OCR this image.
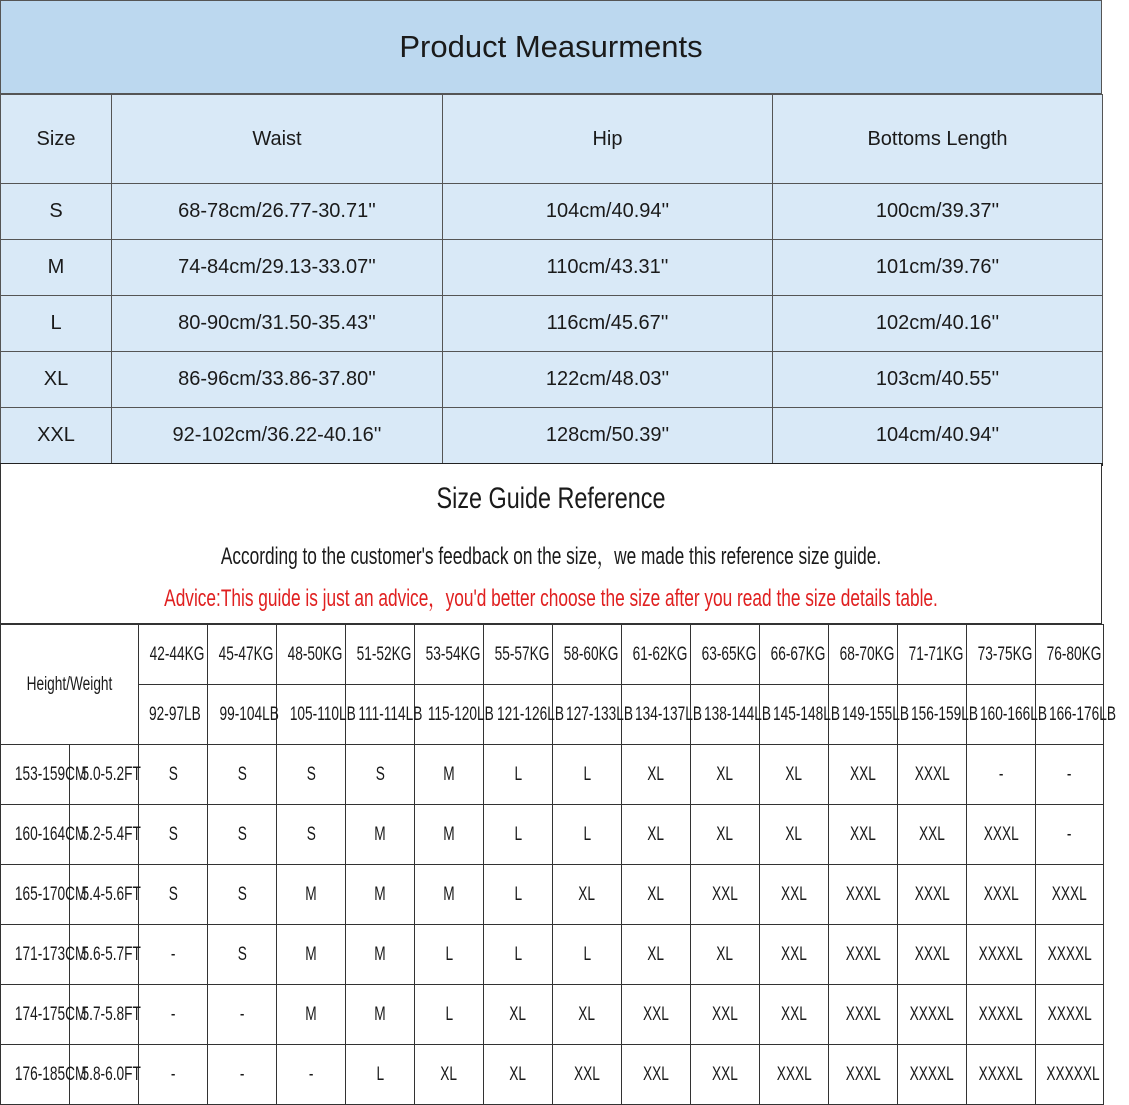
Product Measurments
Size	Waist	Hip	Bottoms Length
S	68-78cm/26.77-30.71''	104cm/40.94''	100cm/39.37''
M	74-84cm/29.13-33.07''	110cm/43.31''	101cm/39.76''
L	80-90cm/31.50-35.43''	116cm/45.67''	102cm/40.16''
XL	86-96cm/33.86-37.80''	122cm/48.03''	103cm/40.55''
XXL	92-102cm/36.22-40.16''	128cm/50.39''	104cm/40.94''
Size Guide Reference
According to the customer's feedback on the size，we made this reference size guide.
Advice:This guide is just an advice，you'd better choose the size after you read the size details table.
Height/Weight		42-44KG	45-47KG	48-50KG	51-52KG	53-54KG	55-57KG	58-60KG	61-62KG	63-65KG	66-67KG	68-70KG	71-71KG	73-75KG	76-80KG
		92-97LB	99-104LB	105-110LB	111-114LB	115-120LB	121-126LB	127-133LB	134-137LB	138-144LB	145-148LB	149-155LB	156-159LB	160-166LB	166-176LB
153-159CM	5.0-5.2FT	S	S	S	S	M	L	L	XL	XL	XL	XXL	XXXL	-	-
160-164CM	5.2-5.4FT	S	S	S	M	M	L	L	XL	XL	XL	XXL	XXL	XXXL	-
165-170CM	5.4-5.6FT	S	S	M	M	M	L	XL	XL	XXL	XXL	XXXL	XXXL	XXXL	XXXL
171-173CM	5.6-5.7FT	-	S	M	M	L	L	L	XL	XL	XXL	XXXL	XXXL	XXXXL	XXXXL
174-175CM	5.7-5.8FT	-	-	M	M	L	XL	XL	XXL	XXL	XXL	XXXL	XXXXL	XXXXL	XXXXL
176-185CM	5.8-6.0FT	-	-	-	L	XL	XL	XXL	XXL	XXL	XXXL	XXXL	XXXXL	XXXXL	XXXXXL
